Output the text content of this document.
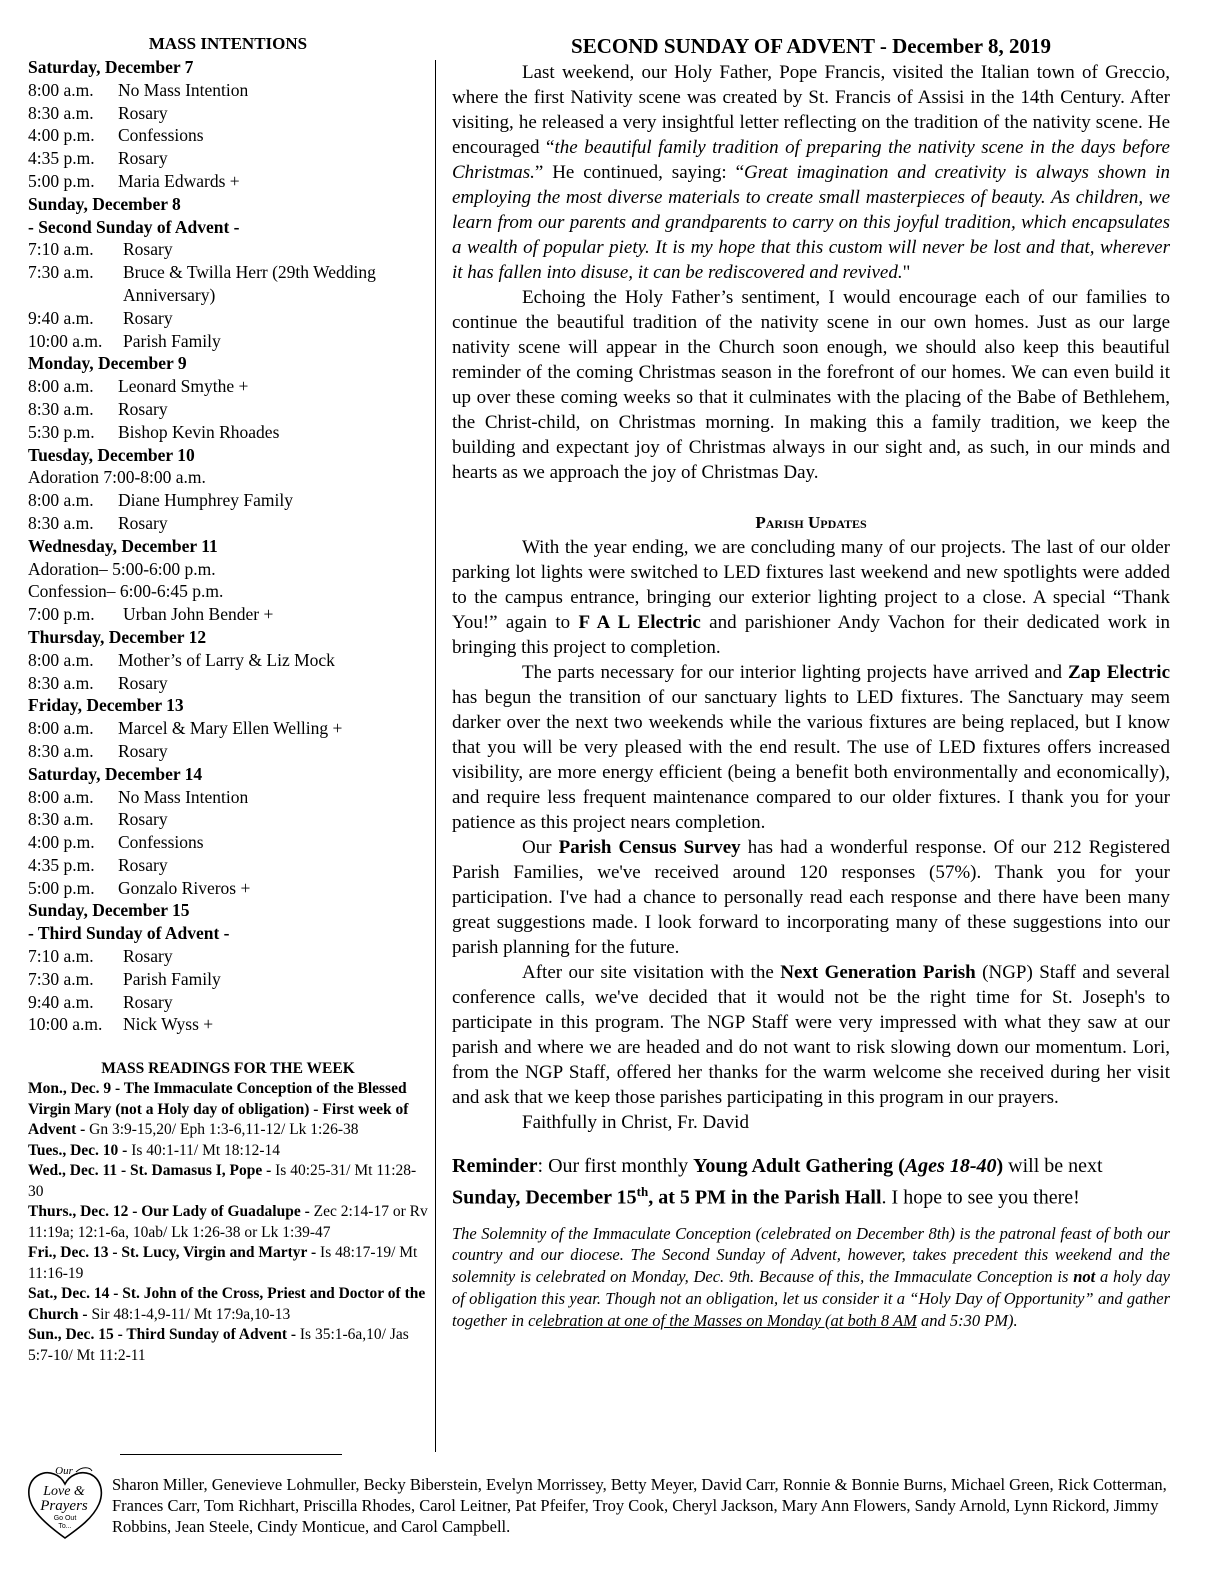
MASS INTENTIONS
Saturday, December 7
8:00 a.m.	No Mass Intention
8:30 a.m.	Rosary
4:00 p.m.	Confessions
4:35 p.m.	Rosary
5:00 p.m.	Maria Edwards +
Sunday, December 8
- Second Sunday of Advent -
7:10 a.m.	Rosary
7:30 a.m.	Bruce & Twilla Herr (29th Wedding Anniversary)
9:40 a.m.	Rosary
10:00 a.m.	Parish Family
Monday, December 9
8:00 a.m.	Leonard Smythe +
8:30 a.m.	Rosary
5:30 p.m.	Bishop Kevin Rhoades
Tuesday, December 10
Adoration 7:00-8:00 a.m.
8:00 a.m.	Diane Humphrey Family
8:30 a.m.	Rosary
Wednesday, December 11
Adoration– 5:00-6:00 p.m.
Confession– 6:00-6:45 p.m.
7:00 p.m.	Urban John Bender +
Thursday, December 12
8:00 a.m.	Mother’s of Larry & Liz Mock
8:30 a.m.	Rosary
Friday, December 13
8:00 a.m.	Marcel & Mary Ellen Welling +
8:30 a.m.	Rosary
Saturday, December 14
8:00 a.m.	No Mass Intention
8:30 a.m.	Rosary
4:00 p.m.	Confessions
4:35 p.m.	Rosary
5:00 p.m.	Gonzalo Riveros +
Sunday, December 15
- Third Sunday of Advent -
7:10 a.m.	Rosary
7:30 a.m.	Parish Family
9:40 a.m.	Rosary
10:00 a.m.	Nick Wyss +
MASS READINGS FOR THE WEEK
Mon., Dec. 9 - The Immaculate Conception of the Blessed Virgin Mary (not a Holy day of obligation) - First week of Advent - Gn 3:9-15,20/ Eph 1:3-6,11-12/ Lk 1:26-38
Tues., Dec. 10 - Is 40:1-11/ Mt 18:12-14
Wed., Dec. 11 - St. Damasus I, Pope - Is 40:25-31/ Mt 11:28-30
Thurs., Dec. 12 - Our Lady of Guadalupe - Zec 2:14-17 or Rv 11:19a; 12:1-6a, 10ab/ Lk 1:26-38 or Lk 1:39-47
Fri., Dec. 13 - St. Lucy, Virgin and Martyr - Is 48:17-19/ Mt 11:16-19
Sat., Dec. 14 - St. John of the Cross, Priest and Doctor of the Church - Sir 48:1-4,9-11/ Mt 17:9a,10-13
Sun., Dec. 15 - Third Sunday of Advent - Is 35:1-6a,10/ Jas 5:7-10/ Mt 11:2-11
SECOND SUNDAY OF ADVENT - December 8, 2019

Last weekend, our Holy Father, Pope Francis, visited the Italian town of Greccio, where the first Nativity scene was created by St. Francis of Assisi in the 14th Century. After visiting, he released a very insightful letter reflecting on the tradition of the nativity scene. He encouraged “the beautiful family tradition of preparing the nativity scene in the days before Christmas.” He continued, saying: “Great imagination and creativity is always shown in employing the most diverse materials to create small masterpieces of beauty. As children, we learn from our parents and grandparents to carry on this joyful tradition, which encapsulates a wealth of popular piety. It is my hope that this custom will never be lost and that, wherever it has fallen into disuse, it can be rediscovered and revived."

Echoing the Holy Father’s sentiment, I would encourage each of our families to continue the beautiful tradition of the nativity scene in our own homes. Just as our large nativity scene will appear in the Church soon enough, we should also keep this beautiful reminder of the coming Christmas season in the forefront of our homes. We can even build it up over these coming weeks so that it culminates with the placing of the Babe of Bethlehem, the Christ-child, on Christmas morning. In making this a family tradition, we keep the building and expectant joy of Christmas always in our sight and, as such, in our minds and hearts as we approach the joy of Christmas Day.

Parish Updates

With the year ending, we are concluding many of our projects. The last of our older parking lot lights were switched to LED fixtures last weekend and new spotlights were added to the campus entrance, bringing our exterior lighting project to a close. A special “Thank You!” again to F A L Electric and parishioner Andy Vachon for their dedicated work in bringing this project to completion.

The parts necessary for our interior lighting projects have arrived and Zap Electric has begun the transition of our sanctuary lights to LED fixtures. The Sanctuary may seem darker over the next two weekends while the various fixtures are being replaced, but I know that you will be very pleased with the end result. The use of LED fixtures offers increased visibility, are more energy efficient (being a benefit both environmentally and economically), and require less frequent maintenance compared to our older fixtures. I thank you for your patience as this project nears completion.

Our Parish Census Survey has had a wonderful response. Of our 212 Registered Parish Families, we've received around 120 responses (57%). Thank you for your participation. I've had a chance to personally read each response and there have been many great suggestions made. I look forward to incorporating many of these suggestions into our parish planning for the future.

After our site visitation with the Next Generation Parish (NGP) Staff and several conference calls, we've decided that it would not be the right time for St. Joseph's to participate in this program. The NGP Staff were very impressed with what they saw at our parish and where we are headed and do not want to risk slowing down our momentum. Lori, from the NGP Staff, offered her thanks for the warm welcome she received during her visit and ask that we keep those parishes participating in this program in our prayers.

Faithfully in Christ, Fr. David

Reminder: Our first monthly Young Adult Gathering (Ages 18-40) will be next Sunday, December 15th, at 5 PM in the Parish Hall. I hope to see you there!
The Solemnity of the Immaculate Conception (celebrated on December 8th) is the patronal feast of both our country and our diocese. The Second Sunday of Advent, however, takes precedent this weekend and the solemnity is celebrated on Monday, Dec. 9th. Because of this, the Immaculate Conception is not a holy day of obligation this year. Though not an obligation, let us consider it a “Holy Day of Opportunity” and gather together in celebration at one of the Masses on Monday (at both 8 AM and 5:30 PM).
Our
Love &
Prayers
Go Out
To...
Sharon Miller, Genevieve Lohmuller, Becky Biberstein, Evelyn Morrissey, Betty Meyer, David Carr, Ronnie & Bonnie Burns, Michael Green, Rick Cotterman, Frances Carr, Tom Richhart, Priscilla Rhodes, Carol Leitner, Pat Pfeifer, Troy Cook, Cheryl Jackson, Mary Ann Flowers, Sandy Arnold, Lynn Rickord, Jimmy Robbins, Jean Steele, Cindy Monticue, and Carol Campbell.
